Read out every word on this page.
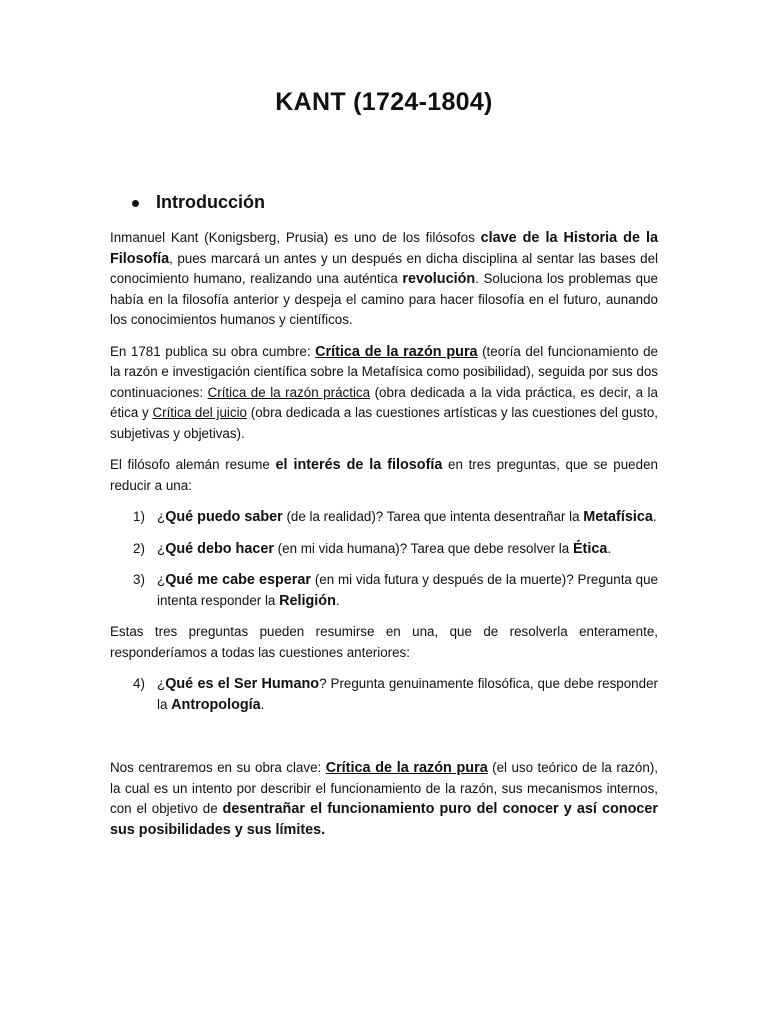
KANT (1724-1804)
Introducción

Inmanuel Kant (Konigsberg, Prusia) es uno de los filósofos clave de la Historia de la Filosofía, pues marcará un antes y un después en dicha disciplina al sentar las bases del conocimiento humano, realizando una auténtica revolución. Soluciona los problemas que había en la filosofía anterior y despeja el camino para hacer filosofía en el futuro, aunando los conocimientos humanos y científicos.

En 1781 publica su obra cumbre: Crítica de la razón pura (teoría del funcionamiento de la razón e investigación científica sobre la Metafísica como posibilidad), seguida por sus dos continuaciones: Crítica de la razón práctica (obra dedicada a la vida práctica, es decir, a la ética y Crítica del juicio (obra dedicada a las cuestiones artísticas y las cuestiones del gusto, subjetivas y objetivas).

El filósofo alemán resume el interés de la filosofía en tres preguntas, que se pueden reducir a una:

1) ¿Qué puedo saber (de la realidad)? Tarea que intenta desentrañar la Metafísica.
2) ¿Qué debo hacer (en mi vida humana)? Tarea que debe resolver la Ética.
3) ¿Qué me cabe esperar (en mi vida futura y después de la muerte)? Pregunta que intenta responder la Religión.

Estas tres preguntas pueden resumirse en una, que de resolverla enteramente, responderíamos a todas las cuestiones anteriores:

4) ¿Qué es el Ser Humano? Pregunta genuinamente filosófica, que debe responder la Antropología.

Nos centraremos en su obra clave: Crítica de la razón pura (el uso teórico de la razón), la cual es un intento por describir el funcionamiento de la razón, sus mecanismos internos, con el objetivo de desentrañar el funcionamiento puro del conocer y así conocer sus posibilidades y sus límites.
